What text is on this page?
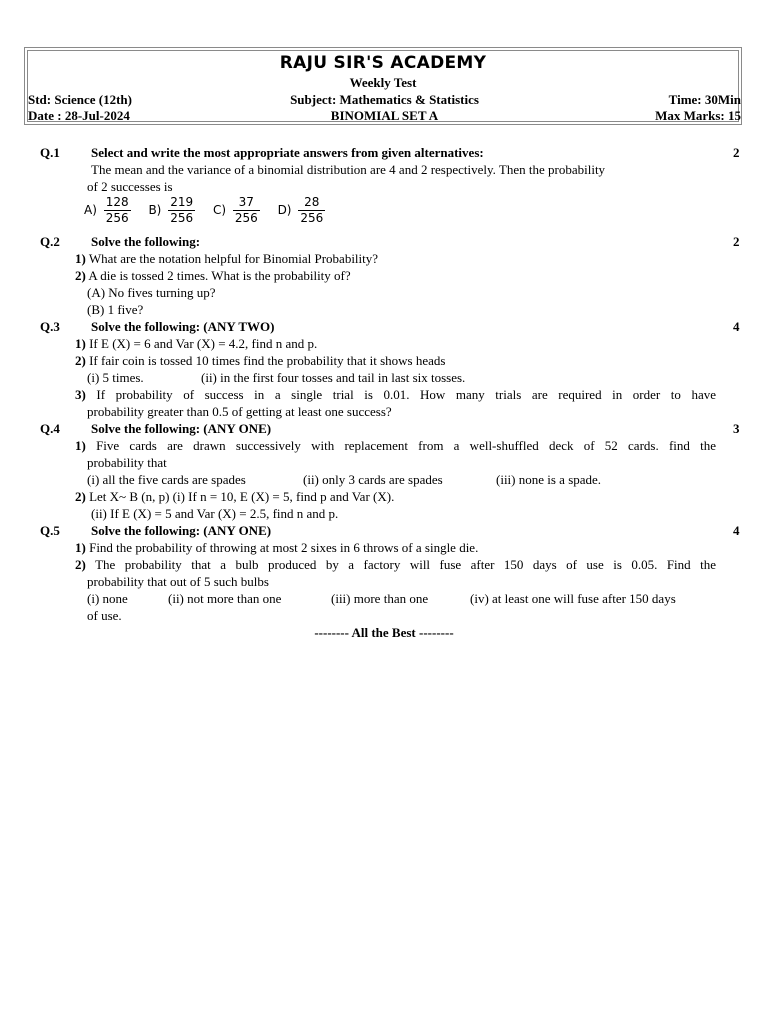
RAJU SIR'S ACADEMY
Weekly Test
Std: Science (12th)	Subject: Mathematics & Statistics	Time: 30Min
Date : 28-Jul-2024	BINOMIAL SET A	Max Marks: 15
Q.1 Select and write the most appropriate answers from given alternatives:	2
The mean and the variance of a binomial distribution are 4 and 2 respectively. Then the probability
of 2 successes is
$A) \frac{128}{256} B) \frac{219}{256} C) \frac{37}{256} D) \frac{28}{256}$
Q.2 Solve the following:	2
1) What are the notation helpful for Binomial Probability?
2) A die is tossed 2 times. What is the probability of?
(A) No fives turning up?
(B) 1 five?
Q.3 Solve the following: (ANY TWO)	4
1) If E (X) = 6 and Var (X) = 4.2, find n and p.
2) If fair coin is tossed 10 times find the probability that it shows heads
(i) 5 times.	(ii) in the first four tosses and tail in last six tosses.
3) If probability of success in a single trial is 0.01. How many trials are required in order to have
probability greater than 0.5 of getting at least one success?
Q.4 Solve the following: (ANY ONE)	3
1) Five cards are drawn successively with replacement from a well-shuffled deck of 52 cards. find the
probability that
(i) all the five cards are spades	(ii) only 3 cards are spades	(iii) none is a spade.
2) Let X~ B (n, p) (i) If n = 10, E (X) = 5, find p and Var (X).
(ii) If E (X) = 5 and Var (X) = 2.5, find n and p.
Q.5 Solve the following: (ANY ONE)	4
1) Find the probability of throwing at most 2 sixes in 6 throws of a single die.
2) The probability that a bulb produced by a factory will fuse after 150 days of use is 0.05. Find the
probability that out of 5 such bulbs
(i) none	(ii) not more than one	(iii) more than one	(iv) at least one will fuse after 150 days
of use.
-------- All the Best --------
